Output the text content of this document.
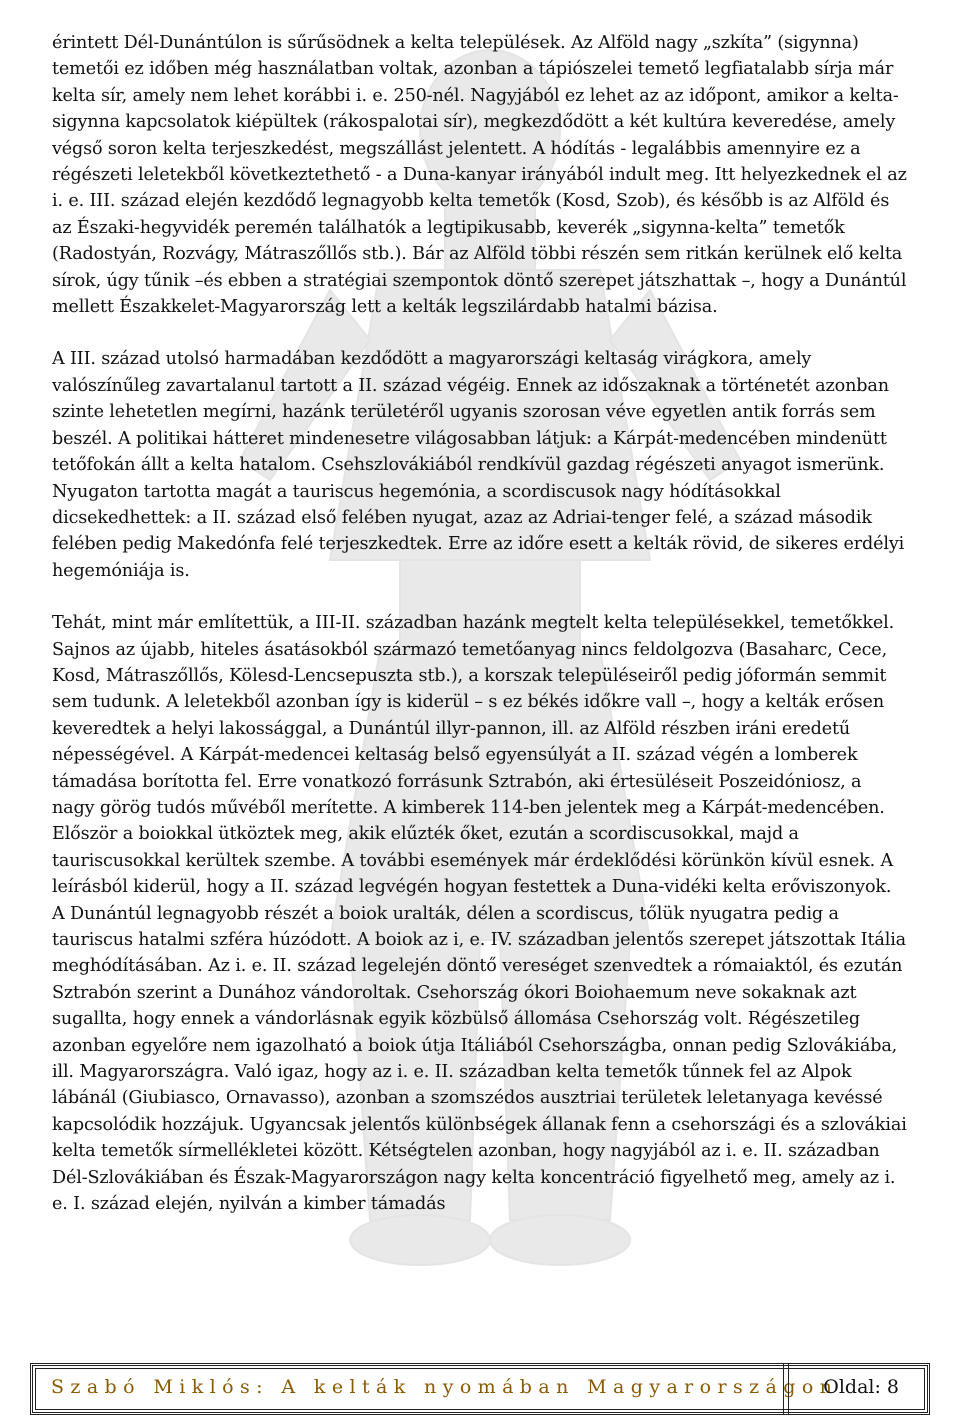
érintett Dél-Dunántúlon is sűrűsödnek a kelta települések. Az Alföld nagy „szkíta” (sigynna) temetői ez időben még használatban voltak, azonban a tápiószelei temető legfiatalabb sírja már kelta sír, amely nem lehet korábbi i. e. 250-nél. Nagyjából ez lehet az az időpont, amikor a kelta-sigynna kapcsolatok kiépültek (rákospalotai sír), megkezdődött a két kultúra keveredése, amely végső soron kelta terjeszkedést, megszállást jelentett. A hódítás - legalábbis amennyire ez a régészeti leletekből következtethető - a Duna-kanyar irányából indult meg. Itt helyezkednek el az i. e. III. század elején kezdődő legnagyobb kelta temetők (Kosd, Szob), és később is az Alföld és az Északi-hegyvidék peremén találhatók a legtipikusabb, keverék „sigynna-kelta” temetők (Radostyán, Rozvágy, Mátraszőllős stb.). Bár az Alföld többi részén sem ritkán kerülnek elő kelta sírok, úgy tűnik –és ebben a stratégiai szempontok döntő szerepet játszhattak –, hogy a Dunántúl mellett Északkelet-Magyarország lett a kelták legszilárdabb hatalmi bázisa.

A III. század utolsó harmadában kezdődött a magyarországi keltaság virágkora, amely valószínűleg zavartalanul tartott a II. század végéig. Ennek az időszaknak a történetét azonban szinte lehetetlen megírni, hazánk területéről ugyanis szorosan véve egyetlen antik forrás sem beszél. A politikai hátteret mindenesetre világosabban látjuk: a Kárpát-medencében mindenütt tetőfokán állt a kelta hatalom. Csehszlovákiából rendkívül gazdag régészeti anyagot ismerünk. Nyugaton tartotta magát a tauriscus hegemónia, a scordiscusok nagy hódításokkal dicsekedhettek: a II. század első felében nyugat, azaz az Adriai-tenger felé, a század második felében pedig Makedónfa felé terjeszkedtek. Erre az időre esett a kelták rövid, de sikeres erdélyi hegemóniája is.

Tehát, mint már említettük, a III-II. században hazánk megtelt kelta településekkel, temetőkkel. Sajnos az újabb, hiteles ásatásokból származó temetőanyag nincs feldolgozva (Basaharc, Cece, Kosd, Mátraszőllős, Kölesd-Lencsepuszta stb.), a korszak településeiről pedig jóformán semmit sem tudunk. A leletekből azonban így is kiderül – s ez békés időkre vall –, hogy a kelták erősen keveredtek a helyi lakossággal, a Dunántúl illyr-pannon, ill. az Alföld részben iráni eredetű népességével. A Kárpát-medencei keltaság belső egyensúlyát a II. század végén a lomberek támadása borította fel. Erre vonatkozó forrásunk Sztrabón, aki értesüléseit Poszeidóniosz, a nagy görög tudós művéből merítette. A kimberek 114-ben jelentek meg a Kárpát-medencében. Először a boiokkal ütköztek meg, akik elűzték őket, ezután a scordiscusokkal, majd a tauriscusokkal kerültek szembe. A további események már érdeklődési körünkön kívül esnek. A leírásból kiderül, hogy a II. század legvégén hogyan festettek a Duna-vidéki kelta erőviszonyok. A Dunántúl legnagyobb részét a boiok uralták, délen a scordiscus, tőlük nyugatra pedig a tauriscus hatalmi szféra húzódott. A boiok az i, e. IV. században jelentős szerepet játszottak Itália meghódításában. Az i. e. II. század legelején döntő vereséget szenvedtek a rómaiaktól, és ezután Sztrabón szerint a Dunához vándoroltak. Csehország ókori Boiohaemum neve sokaknak azt sugallta, hogy ennek a vándorlásnak egyik közbülső állomása Csehország volt. Régészetileg azonban egyelőre nem igazolható a boiok útja Itáliából Csehországba, onnan pedig Szlovákiába, ill. Magyarországra. Való igaz, hogy az i. e. II. században kelta temetők tűnnek fel az Alpok lábánál (Giubiasco, Ornavasso), azonban a szomszédos ausztriai területek leletanyaga kevéssé kapcsolódik hozzájuk. Ugyancsak jelentős különbségek állanak fenn a csehországi és a szlovákiai kelta temetők sírmellékletei között. Kétségtelen azonban, hogy nagyjából az i. e. II. században Dél-Szlovákiában és Észak-Magyarországon nagy kelta koncentráció figyelhető meg, amely az i. e. I. század elején, nyilván a kimber támadás

Szabó Miklós: A kelták nyomában Magyarországon
Oldal: 8
